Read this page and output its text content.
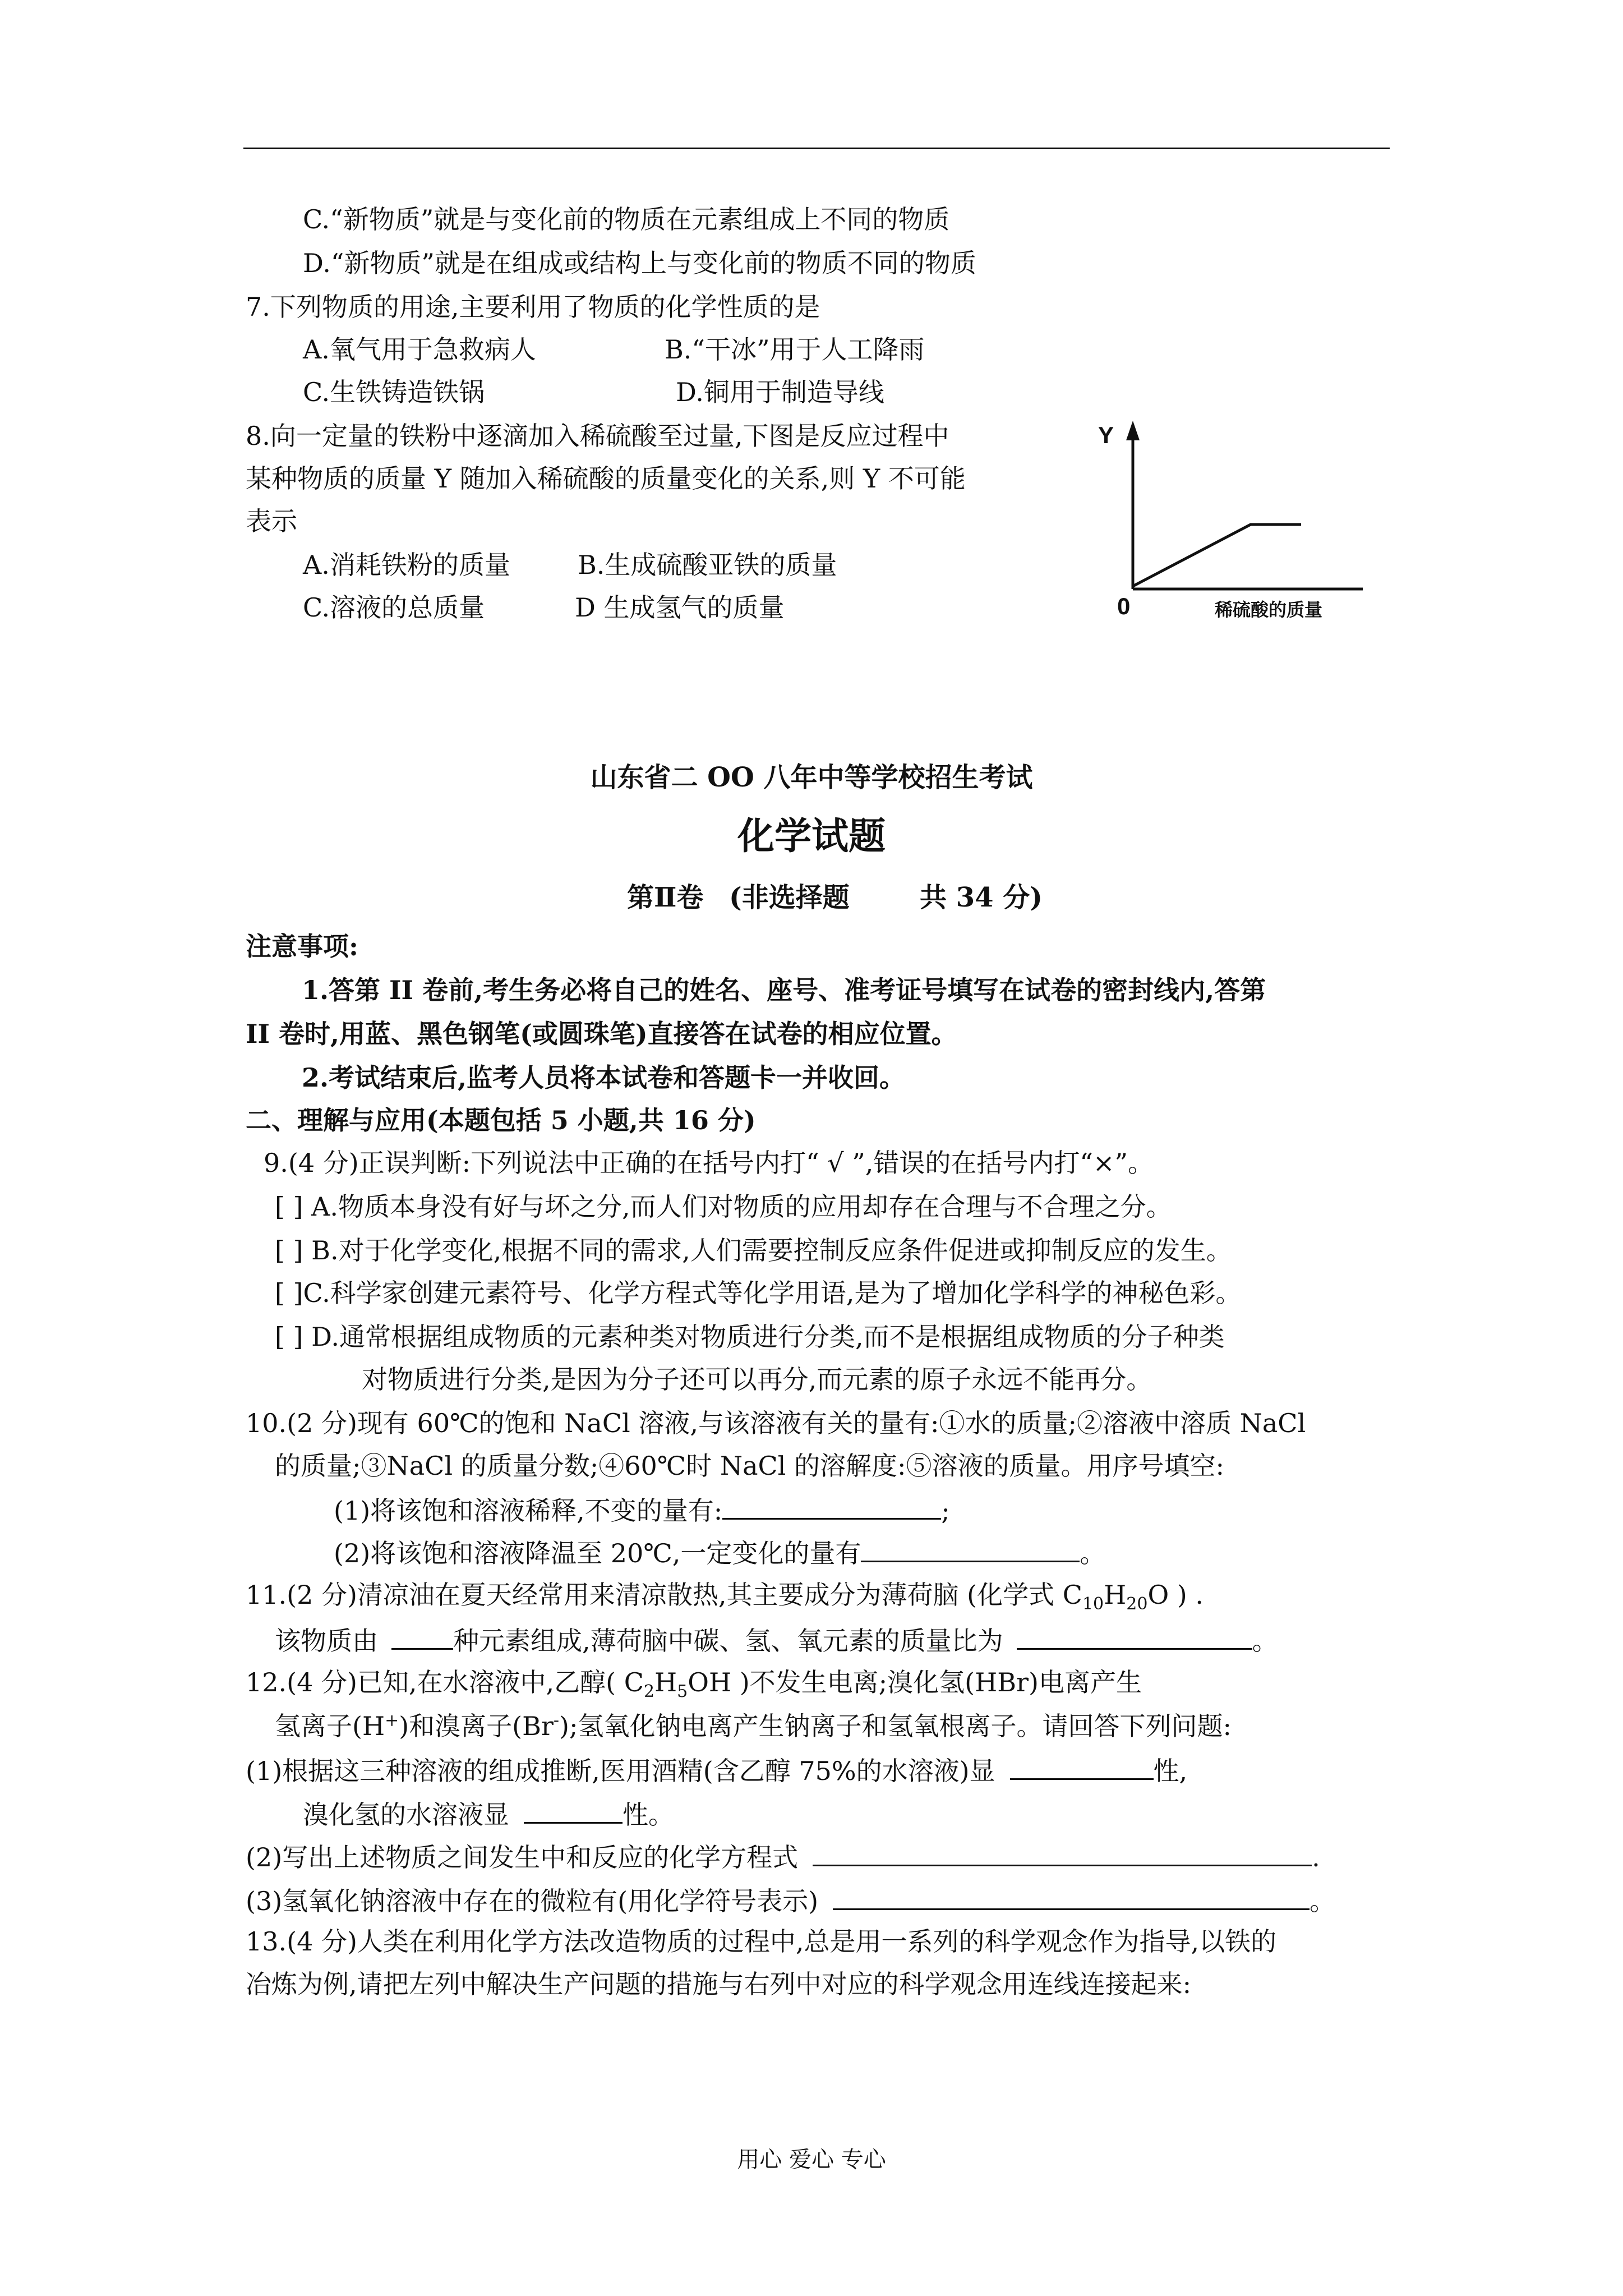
C.“新物质”就是与变化前的物质在元素组成上不同的物质
D.“新物质”就是在组成或结构上与变化前的物质不同的物质
7.下列物质的用途,主要利用了物质的化学性质的是
A.氧气用于急救病人	B.“干冰”用于人工降雨
C.生铁铸造铁锅	D.铜用于制造导线
8.向一定量的铁粉中逐滴加入稀硫酸至过量,下图是反应过程中
某种物质的质量 Y 随加入稀硫酸的质量变化的关系,则 Y 不可能
表示
A.消耗铁粉的质量	B.生成硫酸亚铁的质量
C.溶液的总质量	D 生成氢气的质量
Y
0	稀硫酸的质量
山东省二 OO 八年中等学校招生考试
化学试题
第Ⅱ卷 (非选择题	共 34 分)
注意事项:
1.答第 II 卷前,考生务必将自己的姓名、座号、准考证号填写在试卷的密封线内,答第
II 卷时,用蓝、黑色钢笔(或圆珠笔)直接答在试卷的相应位置。
2.考试结束后,监考人员将本试卷和答题卡一并收回。
二、理解与应用(本题包括 5 小题,共 16 分)
9.(4 分)正误判断:下列说法中正确的在括号内打“ √ ”,错误的在括号内打“×”。
[ ] A.物质本身没有好与坏之分,而人们对物质的应用却存在合理与不合理之分。
[ ] B.对于化学变化,根据不同的需求,人们需要控制反应条件促进或抑制反应的发生。
[ ]C.科学家创建元素符号、化学方程式等化学用语,是为了增加化学科学的神秘色彩。
[ ] D.通常根据组成物质的元素种类对物质进行分类,而不是根据组成物质的分子种类
对物质进行分类,是因为分子还可以再分,而元素的原子永远不能再分。
10.(2 分)现有 60℃的饱和 NaCl 溶液,与该溶液有关的量有:①水的质量;②溶液中溶质 NaCl
的质量;③NaCl 的质量分数;④60℃时 NaCl 的溶解度:⑤溶液的质量。用序号填空:
(1)将该饱和溶液稀释,不变的量有:	;
(2)将该饱和溶液降温至 20℃,一定变化的量有	。
11.(2 分)清凉油在夏天经常用来清凉散热,其主要成分为薄荷脑 (化学式 $C_{10}H_{20}O$ ) .
该物质由	种元素组成,薄荷脑中碳、氢、氧元素的质量比为	。
12.(4 分)已知,在水溶液中,乙醇( $C_2H_5OH$ )不发生电离;溴化氢(HBr)电离产生
氢离子(H+)和溴离子(Br-);氢氧化钠电离产生钠离子和氢氧根离子。请回答下列问题:
(1)根据这三种溶液的组成推断,医用酒精(含乙醇 75%的水溶液)显	性,
溴化氢的水溶液显	性。
(2)写出上述物质之间发生中和反应的化学方程式	.
(3)氢氧化钠溶液中存在的微粒有(用化学符号表示)	。
13.(4 分)人类在利用化学方法改造物质的过程中,总是用一系列的科学观念作为指导,以铁的
冶炼为例,请把左列中解决生产问题的措施与右列中对应的科学观念用连线连接起来:
用心 爱心 专心
